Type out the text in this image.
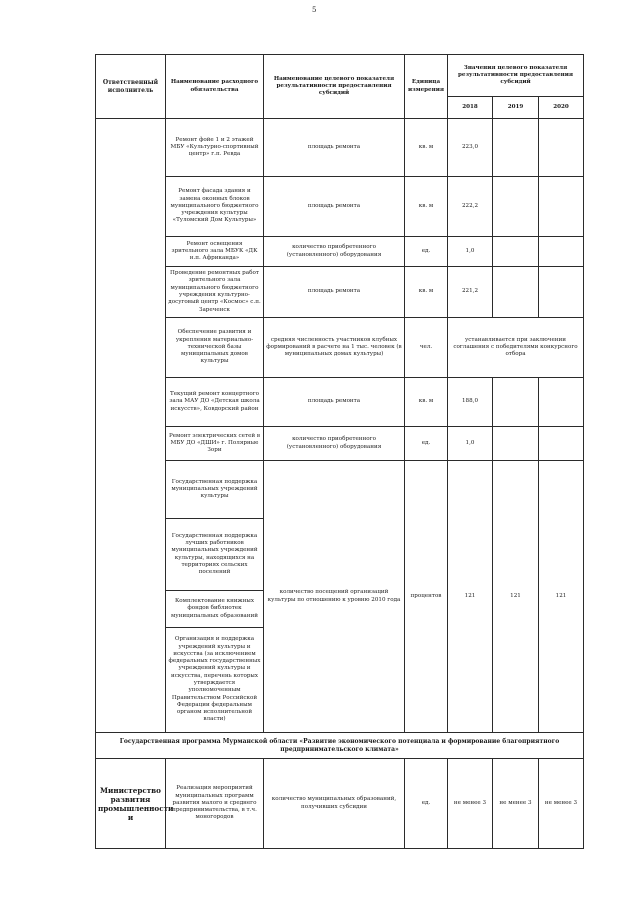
5
Ответственный исполнитель	Наименование расходного обязательства	Наименование целевого показателя результативности предоставления субсидий	Единица измерения	Значения целевого показателя результативности предоставления субсидий		
				2018	2019	2020
	Ремонт фойе 1 и 2 этажей МБУ «Культурно-спортивный центр» г.п. Ревда	площадь ремонта	кв. м	223,0		
	Ремонт фасада здания и замена оконных блоков муниципального бюджетного учреждения культуры «Туломский Дом Культуры»	площадь ремонта	кв. м	222,2		
	Ремонт освещения зрительного зала МБУК «ДК н.п. Африканда»	количество приобретенного (установленного) оборудования	ед.	1,0		
	Проведение ремонтных работ зрительного зала муниципального бюджетного учреждения культурно-досуговый центр «Космос» с.п. Зареченск	площадь ремонта	кв. м	221,2		
	Обеспечение развития и укрепления материально-технической базы муниципальных домов культуры	средняя численность участников клубных формирований в расчете на 1 тыс. человек (в муниципальных домах культуры)	чел.	устанавливается при заключении соглашения с победителями конкурсного отбора		
	Текущий ремонт концертного зала МАУ ДО «Детская школа искусств», Ковдорский район	площадь ремонта	кв. м	188,0		
	Ремонт электрических сетей в МБУ ДО «ДШИ» г. Полярные Зори	количество приобретенного (установленного) оборудования	ед.	1,0		
	Государственная поддержка муниципальных учреждений культуры	количество посещений организаций культуры по отношению к уровню 2010 года	процентов	121	121	121
	Государственная поддержка лучших работников муниципальных учреждений культуры, находящихся на территориях сельских поселений					

	Комплектование книжных фондов библиотек муниципальных образований					
	Организация и поддержка учреждений культуры и искусства (за исключением федеральных государственных учреждений культуры и искусства, перечень которых утверждается уполномоченным Правительством Российской Федерации федеральным органом исполнительной власти)					

Государственная программа Мурманской области «Развитие экономического потенциала и формирование благоприятного предпринимательского климата»						
Министерство развития промышленности и	Реализация мероприятий муниципальных программ развития малого и среднего предпринимательства, в т.ч. моногородов	количество муниципальных образований, получивших субсидии	ед.	не менее 3	не менее 3	не менее 3
